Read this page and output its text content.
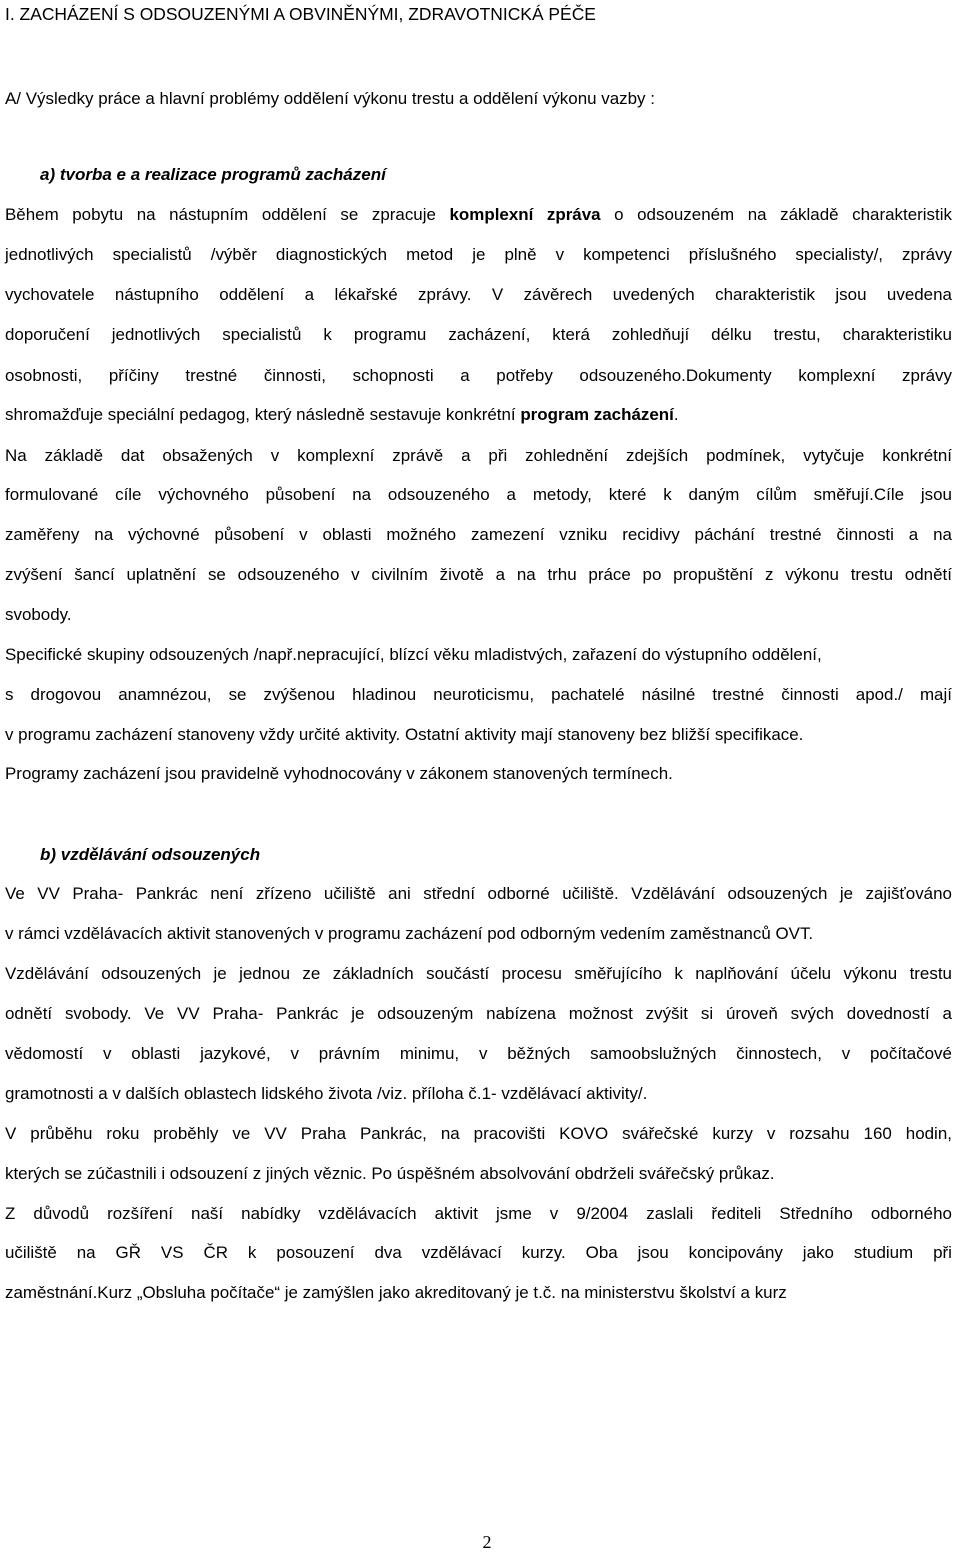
I. ZACHÁZENÍ S ODSOUZENÝMI A OBVINĚNÝMI, ZDRAVOTNICKÁ PÉČE
A/ Výsledky práce a hlavní problémy oddělení výkonu trestu a oddělení výkonu vazby :
a) tvorba e a realizace programů zacházení
Během pobytu na nástupním oddělení se zpracuje komplexní zpráva o odsouzeném na základě charakteristik
jednotlivých specialistů /výběr diagnostických metod je plně v kompetenci příslušného specialisty/, zprávy
vychovatele nástupního oddělení a lékařské zprávy. V závěrech uvedených charakteristik jsou uvedena
doporučení jednotlivých specialistů k programu zacházení, která zohledňují délku trestu, charakteristiku
osobnosti, příčiny trestné činnosti, schopnosti a potřeby odsouzeného.Dokumenty komplexní zprávy
shromažďuje speciální pedagog, který následně sestavuje konkrétní program zacházení.
Na základě dat obsažených v komplexní zprávě a při zohlednění zdejších podmínek, vytyčuje konkrétní
formulované cíle výchovného působení na odsouzeného a metody, které k daným cílům směřují.Cíle jsou
zaměřeny na výchovné působení v oblasti možného zamezení vzniku recidivy páchání trestné činnosti a na
zvýšení šancí uplatnění se odsouzeného v civilním životě a na trhu práce po propuštění z výkonu trestu odnětí
svobody.
Specifické skupiny odsouzených /např.nepracující, blízcí věku mladistvých, zařazení do výstupního oddělení,
s drogovou anamnézou, se zvýšenou hladinou neuroticismu, pachatelé násilné trestné činnosti apod./ mají
v programu zacházení stanoveny vždy určité aktivity. Ostatní aktivity mají stanoveny bez bližší specifikace.
Programy zacházení jsou pravidelně vyhodnocovány v zákonem stanovených termínech.
b) vzdělávání odsouzených
Ve VV Praha- Pankrác není zřízeno učiliště ani střední odborné učiliště. Vzdělávání odsouzených je zajišťováno
v rámci vzdělávacích aktivit stanovených v programu zacházení pod odborným vedením zaměstnanců OVT.
Vzdělávání odsouzených je jednou ze základních součástí procesu směřujícího k naplňování účelu výkonu trestu
odnětí svobody. Ve VV Praha- Pankrác je odsouzeným nabízena možnost zvýšit si úroveň svých dovedností a
vědomostí v oblasti jazykové, v právním minimu, v běžných samoobslužných činnostech, v počítačové
gramotnosti a v dalších oblastech lidského života /viz. příloha č.1- vzdělávací aktivity/.
V průběhu roku proběhly ve VV Praha Pankrác, na pracovišti KOVO svářečské kurzy v rozsahu 160 hodin,
kterých se zúčastnili i odsouzení z jiných věznic. Po úspěšném absolvování obdrželi svářečský průkaz.
Z důvodů rozšíření naší nabídky vzdělávacích aktivit jsme v 9/2004 zaslali řediteli Středního odborného
učiliště na GŘ VS ČR k posouzení dva vzdělávací kurzy. Oba jsou koncipovány jako studium při
zaměstnání.Kurz „Obsluha počítače“ je zamýšlen jako akreditovaný je t.č. na ministerstvu školství a kurz
2
